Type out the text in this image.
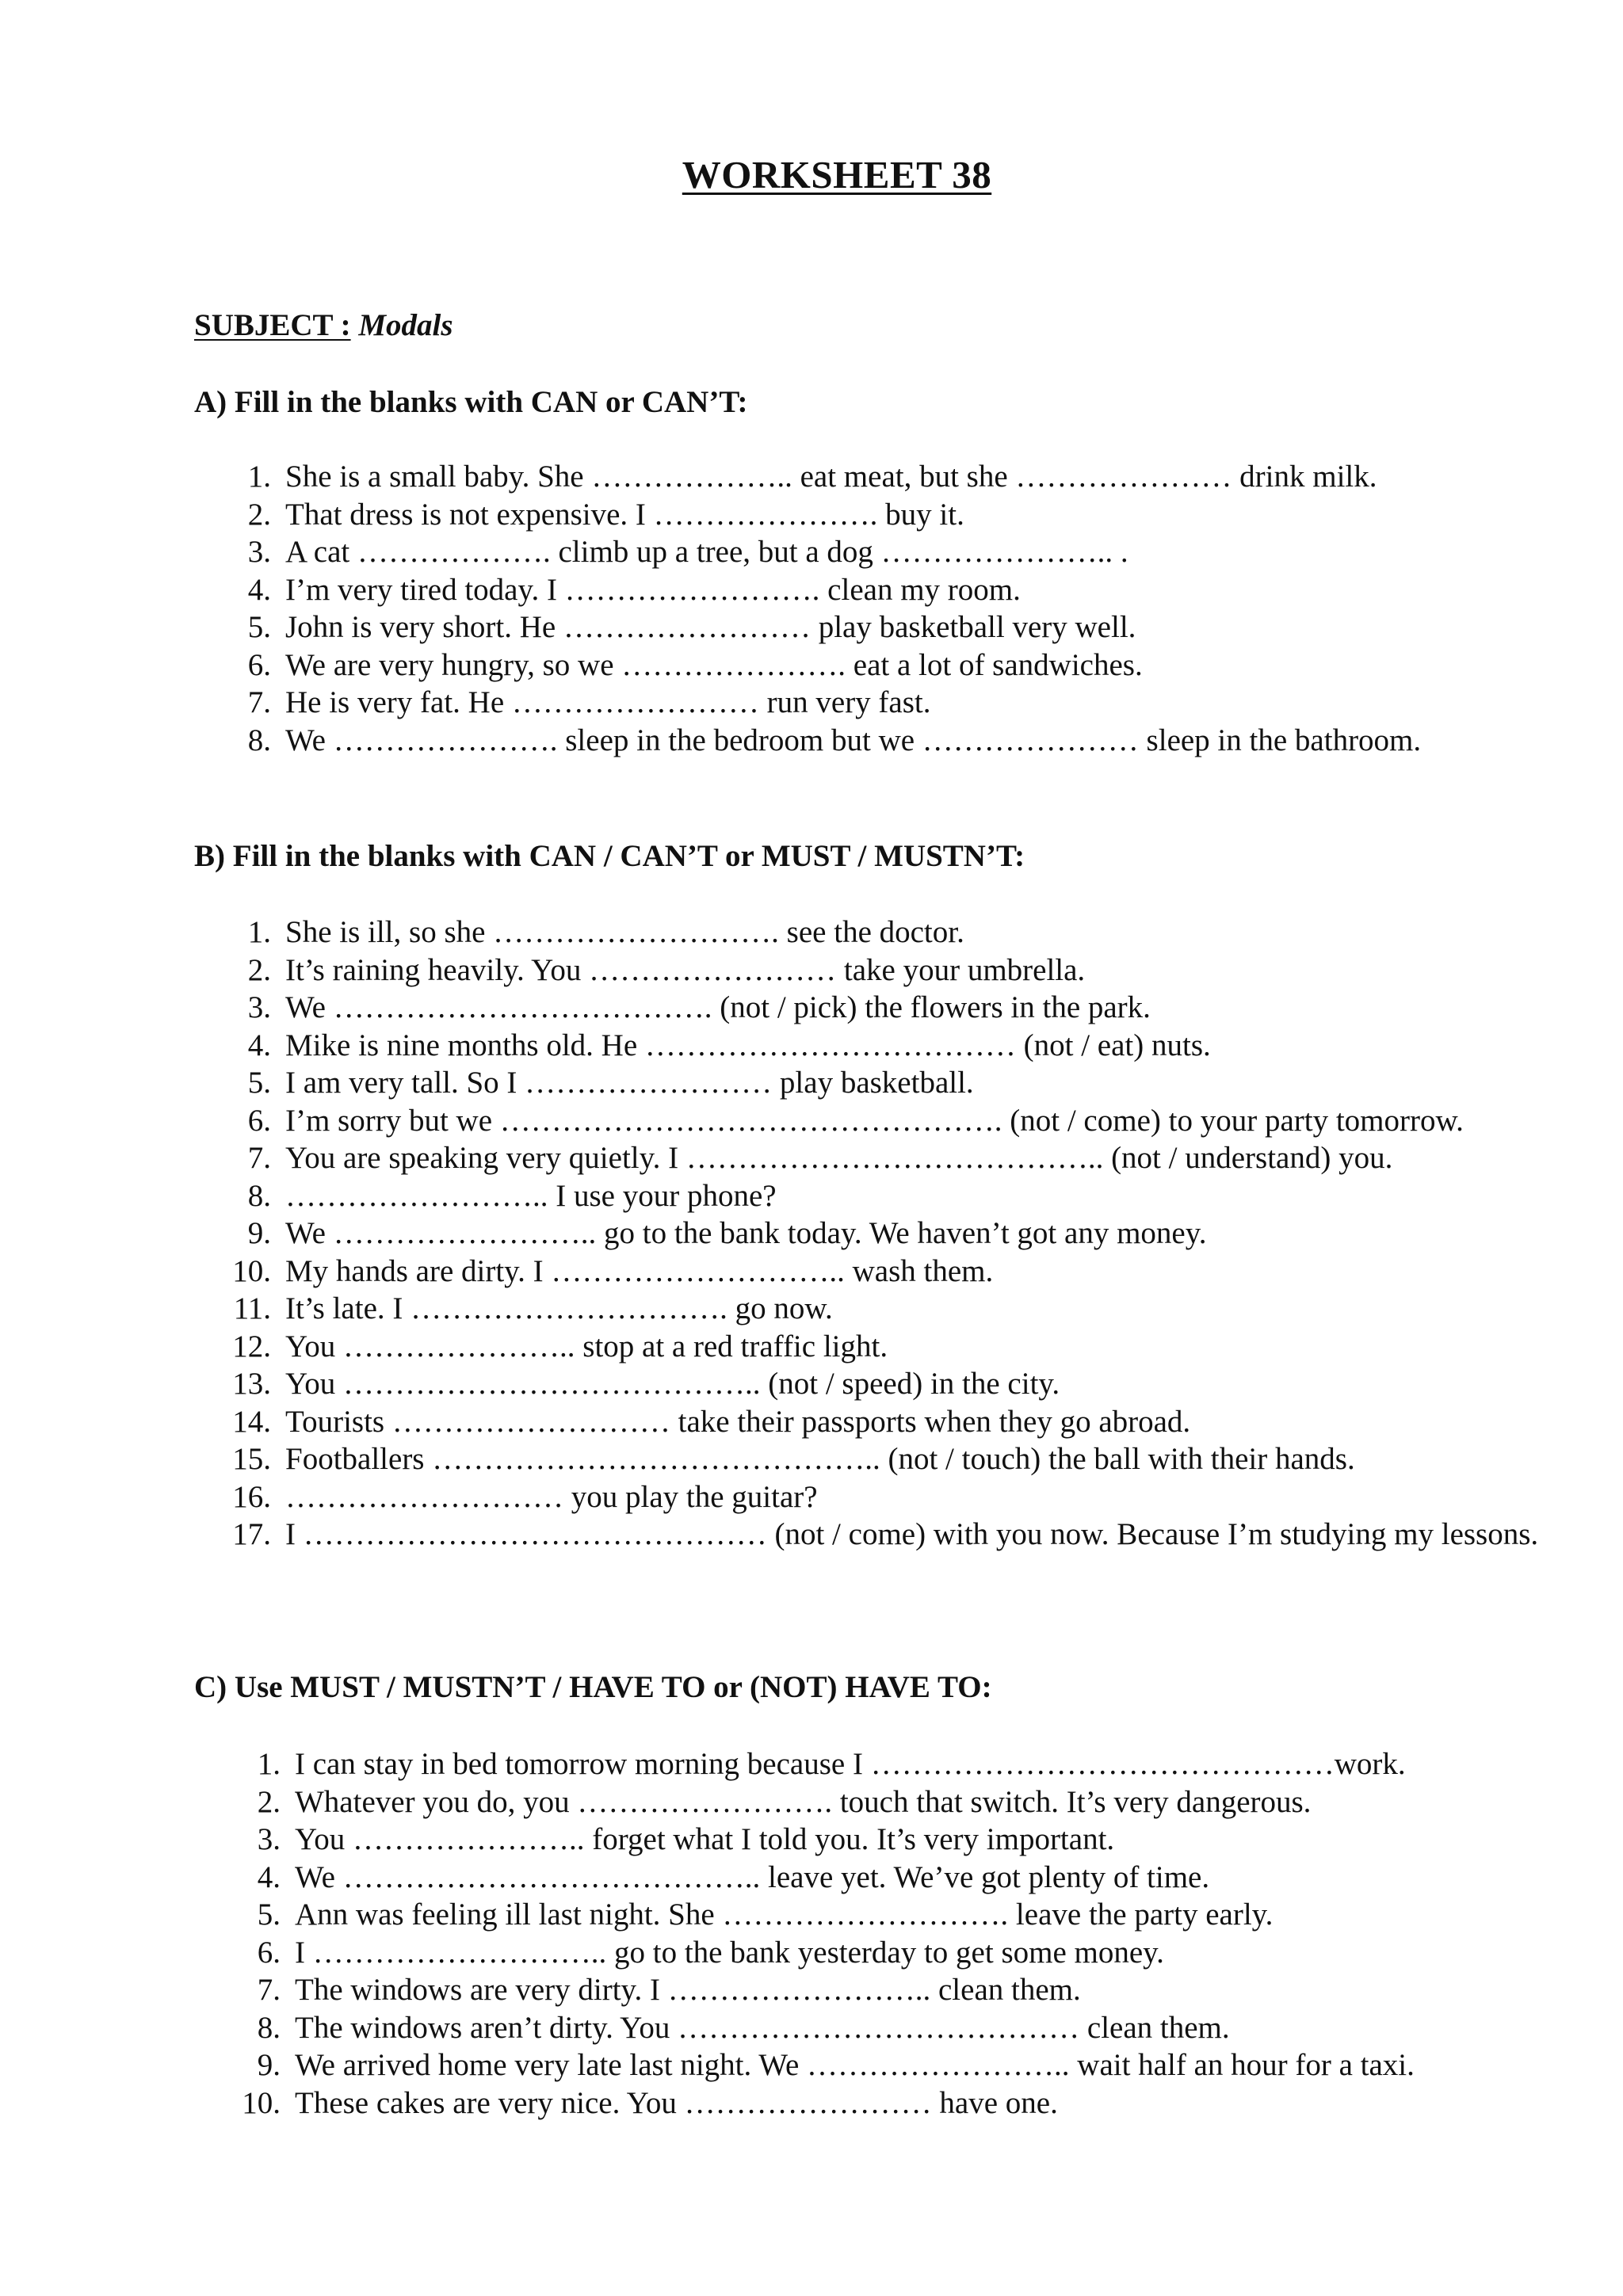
WORKSHEET 38
SUBJECT : Modals
A) Fill in the blanks with CAN or CAN’T:
1. She is a small baby. She ……………….. eat meat, but she ………………… drink milk.
2. That dress is not expensive. I …………………. buy it.
3. A cat ………………. climb up a tree, but a dog ………………….. .
4. I’m very tired today. I ……………………. clean my room.
5. John is very short. He …………………… play basketball very well.
6. We are very hungry, so we …………………. eat a lot of sandwiches.
7. He is very fat. He …………………… run very fast.
8. We …………………. sleep in the bedroom but we ………………… sleep in the bathroom.
B) Fill in the blanks with CAN / CAN’T or MUST / MUSTN’T:
1. She is ill, so she ………………………. see the doctor.
2. It’s raining heavily. You …………………… take your umbrella.
3. We ………………………………. (not / pick) the flowers in the park.
4. Mike is nine months old. He ……………………………… (not / eat) nuts.
5. I am very tall. So I …………………… play basketball.
6. I’m sorry but we …………………………………………. (not / come) to your party tomorrow.
7. You are speaking very quietly. I ………………………………….. (not / understand) you.
8. …………………….. I use your phone?
9. We …………………….. go to the bank today. We haven’t got any money.
10. My hands are dirty. I ……………………….. wash them.
11. It’s late. I …………………………. go now.
12. You ………………….. stop at a red traffic light.
13. You ………………………………….. (not / speed) in the city.
14. Tourists ……………………… take their passports when they go abroad.
15. Footballers …………………………………….. (not / touch) the ball with their hands.
16. ……………………… you play the guitar?
17. I ……………………………………… (not / come) with you now. Because I’m studying my lessons.
C) Use MUST / MUSTN’T / HAVE TO or (NOT) HAVE TO:
1. I can stay in bed tomorrow morning because I ………………………………………work.
2. Whatever you do, you ……………………. touch that switch. It’s very dangerous.
3. You ………………….. forget what I told you. It’s very important.
4. We ………………………………….. leave yet. We’ve got plenty of time.
5. Ann was feeling ill last night. She ………………………. leave the party early.
6. I ……………………….. go to the bank yesterday to get some money.
7. The windows are very dirty. I …………………….. clean them.
8. The windows aren’t dirty. You ………………………………… clean them.
9. We arrived home very late last night. We …………………….. wait half an hour for a taxi.
10. These cakes are very nice. You …………………… have one.
